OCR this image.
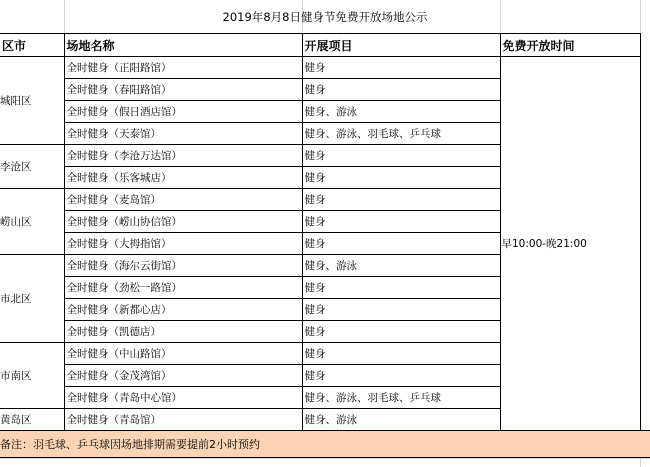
2019年8月8日健身节免费开放场地公示
区市	场地名称	开展项目	免费开放时间
城阳区	全时健身（正阳路馆）	健身	早10:00-晚21:00
	全时健身（春阳路馆）	健身	
	全时健身（假日酒店馆）	健身、游泳	
	全时健身（天泰馆）	健身、游泳、羽毛球、乒乓球	
李沧区	全时健身（李沧万达馆）	健身	
	全时健身（乐客城店）	健身	
崂山区	全时健身（麦岛馆）	健身	
	全时健身（崂山协信馆）	健身	
	全时健身（大拇指馆）	健身	
市北区	全时健身（海尔云街馆）	健身、游泳	
	全时健身（劲松一路馆）	健身	
	全时健身（新都心店）	健身	
	全时健身（凯德店）	健身	
市南区	全时健身（中山路馆）	健身	
	全时健身（金茂湾馆）	健身	
	全时健身（青岛中心馆）	健身、游泳、羽毛球、乒乓球	
黄岛区	全时健身（青岛馆）	健身、游泳	
备注：羽毛球、乒乓球因场地排期需要提前2小时预约
